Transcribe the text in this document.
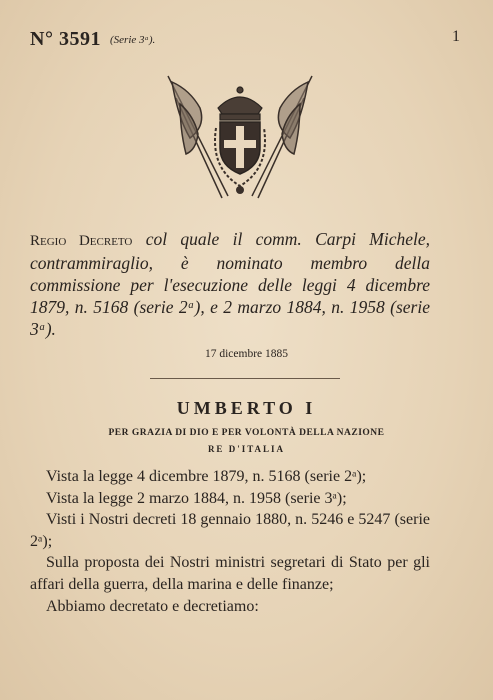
N° 3591 (Serie 3ᵃ).	1
Regio Decreto col quale il comm. Carpi Michele, contrammiraglio, è nominato membro della commissione per l'esecuzione delle leggi 4 dicembre 1879, n. 5168 (serie 2ᵃ), e 2 marzo 1884, n. 1958 (serie 3ᵃ).
17 dicembre 1885
UMBERTO I
PER GRAZIA DI DIO E PER VOLONTÀ DELLA NAZIONE
RE D'ITALIA

Vista la legge 4 dicembre 1879, n. 5168 (serie 2ᵃ);

Vista la legge 2 marzo 1884, n. 1958 (serie 3ᵃ);

Visti i Nostri decreti 18 gennaio 1880, n. 5246 e 5247 (serie 2ᵃ);

Sulla proposta dei Nostri ministri segretari di Stato per gli affari della guerra, della marina e delle finanze;

Abbiamo decretato e decretiamo:
